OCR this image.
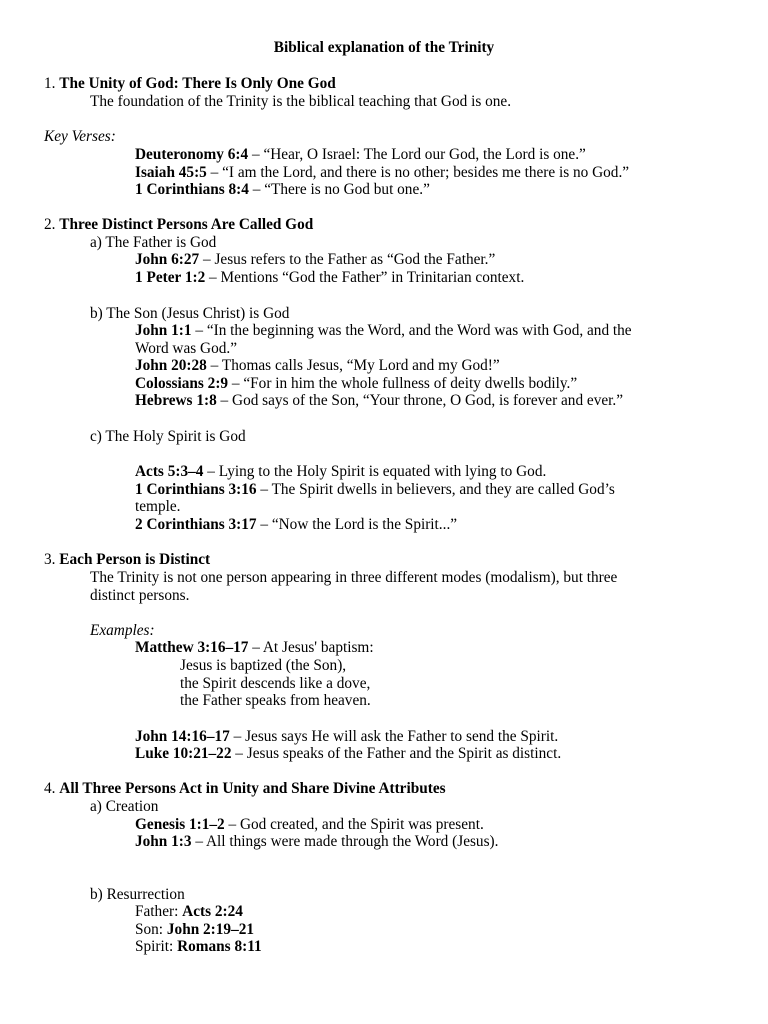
Biblical explanation of the Trinity
1. The Unity of God: There Is Only One God
The foundation of the Trinity is the biblical teaching that God is one.
Key Verses:
Deuteronomy 6:4 – “Hear, O Israel: The Lord our God, the Lord is one.”
Isaiah 45:5 – “I am the Lord, and there is no other; besides me there is no God.”
1 Corinthians 8:4 – “There is no God but one.”
2. Three Distinct Persons Are Called God
a) The Father is God
John 6:27 – Jesus refers to the Father as “God the Father.”
1 Peter 1:2 – Mentions “God the Father” in Trinitarian context.
b) The Son (Jesus Christ) is God
John 1:1 – “In the beginning was the Word, and the Word was with God, and the
Word was God.”
John 20:28 – Thomas calls Jesus, “My Lord and my God!”
Colossians 2:9 – “For in him the whole fullness of deity dwells bodily.”
Hebrews 1:8 – God says of the Son, “Your throne, O God, is forever and ever.”
c) The Holy Spirit is God
Acts 5:3–4 – Lying to the Holy Spirit is equated with lying to God.
1 Corinthians 3:16 – The Spirit dwells in believers, and they are called God’s
temple.
2 Corinthians 3:17 – “Now the Lord is the Spirit...”
3. Each Person is Distinct
The Trinity is not one person appearing in three different modes (modalism), but three
distinct persons.
Examples:
Matthew 3:16–17 – At Jesus' baptism:
Jesus is baptized (the Son),
the Spirit descends like a dove,
the Father speaks from heaven.
John 14:16–17 – Jesus says He will ask the Father to send the Spirit.
Luke 10:21–22 – Jesus speaks of the Father and the Spirit as distinct.
4. All Three Persons Act in Unity and Share Divine Attributes
a) Creation
Genesis 1:1–2 – God created, and the Spirit was present.
John 1:3 – All things were made through the Word (Jesus).
b) Resurrection
Father: Acts 2:24
Son: John 2:19–21
Spirit: Romans 8:11
